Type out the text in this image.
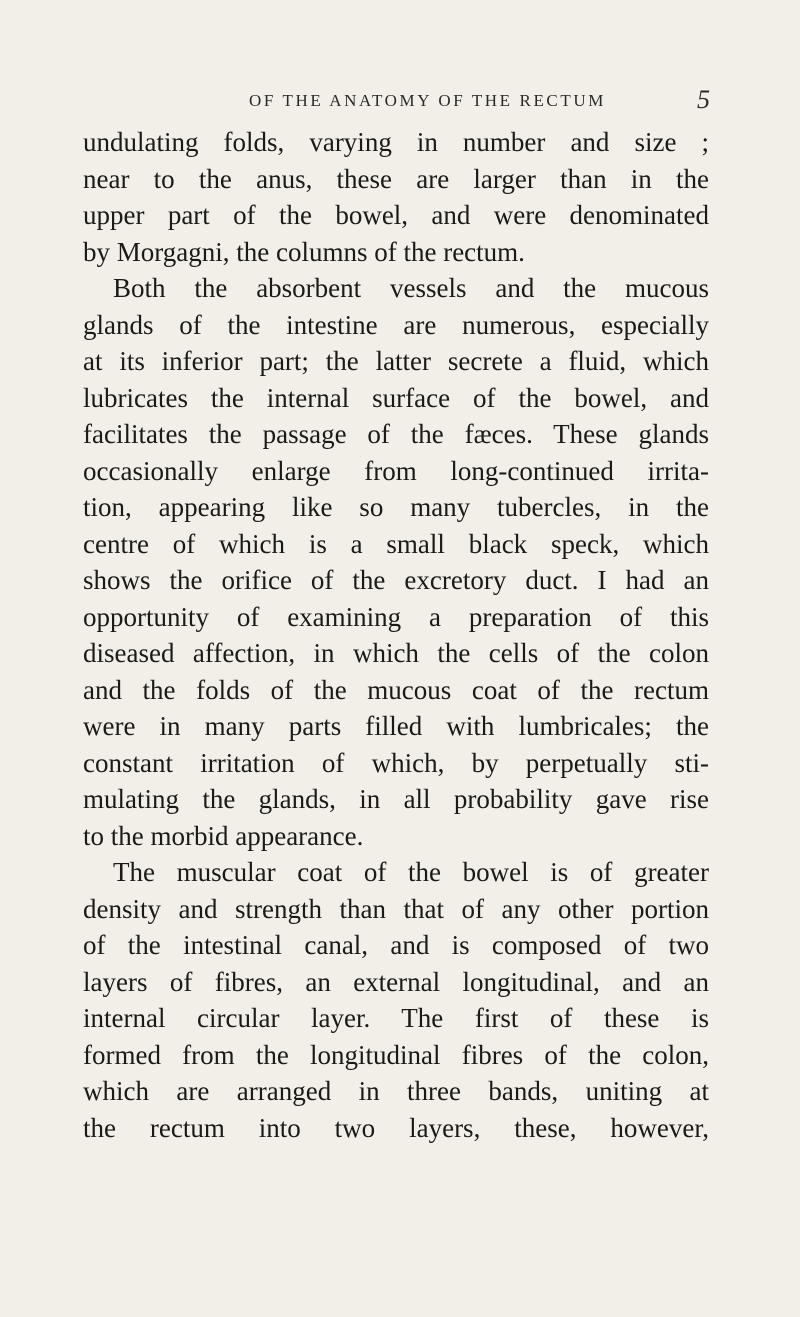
OF THE ANATOMY OF THE RECTUM	5
undulating folds, varying in number and size ;
near to the anus, these are larger than in the
upper part of the bowel, and were denominated
by Morgagni, the columns of the rectum.
Both the absorbent vessels and the mucous
glands of the intestine are numerous, especially
at its inferior part; the latter secrete a fluid, which
lubricates the internal surface of the bowel, and
facilitates the passage of the fæces. These glands
occasionally enlarge from long-continued irrita-
tion, appearing like so many tubercles, in the
centre of which is a small black speck, which
shows the orifice of the excretory duct. I had an
opportunity of examining a preparation of this
diseased affection, in which the cells of the colon
and the folds of the mucous coat of the rectum
were in many parts filled with lumbricales; the
constant irritation of which, by perpetually sti-
mulating the glands, in all probability gave rise
to the morbid appearance.
The muscular coat of the bowel is of greater
density and strength than that of any other portion
of the intestinal canal, and is composed of two
layers of fibres, an external longitudinal, and an
internal circular layer. The first of these is
formed from the longitudinal fibres of the colon,
which are arranged in three bands, uniting at
the rectum into two layers, these, however,
